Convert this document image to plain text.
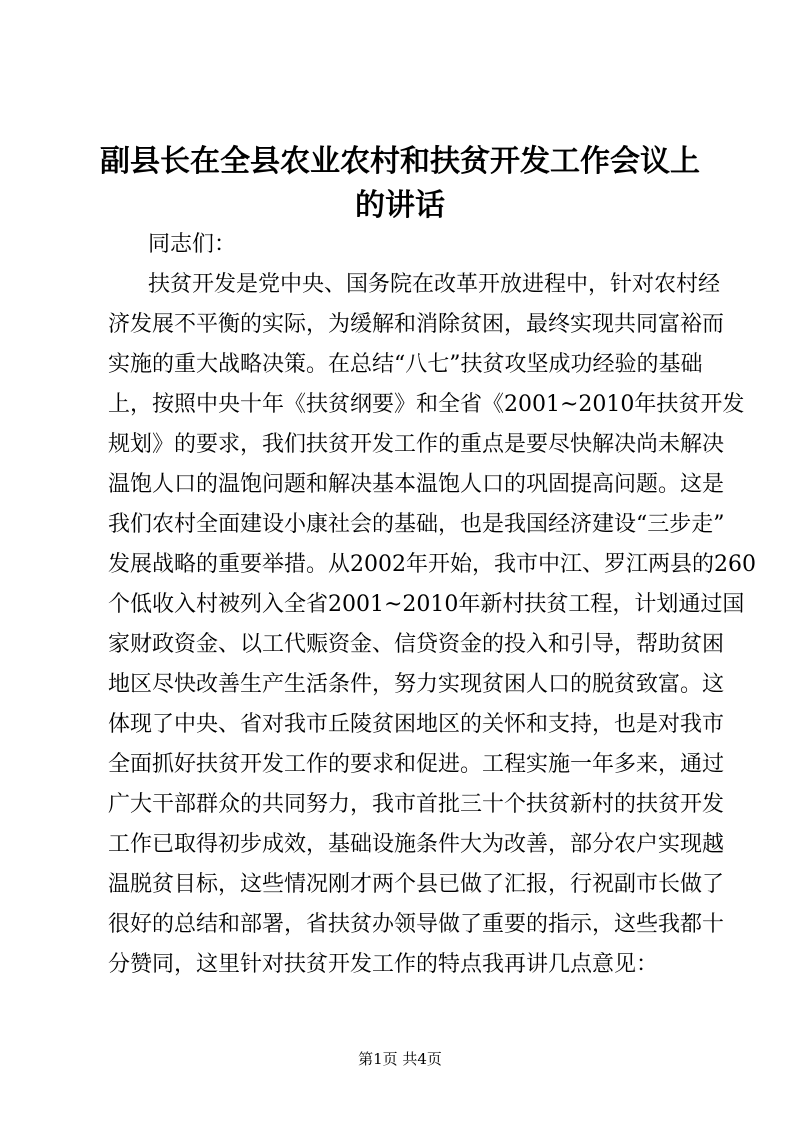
副县长在全县农业农村和扶贫开发工作会议上
的讲话
同志们：
扶贫开发是党中央、国务院在改革开放进程中，针对农村经
济发展不平衡的实际，为缓解和消除贫困，最终实现共同富裕而
实施的重大战略决策。在总结“八七”扶贫攻坚成功经验的基础
上，按照中央十年《扶贫纲要》和全省《2001~2010年扶贫开发
规划》的要求，我们扶贫开发工作的重点是要尽快解决尚未解决
温饱人口的温饱问题和解决基本温饱人口的巩固提高问题。这是
我们农村全面建设小康社会的基础，也是我国经济建设“三步走”
发展战略的重要举措。从2002年开始，我市中江、罗江两县的260
个低收入村被列入全省2001~2010年新村扶贫工程，计划通过国
家财政资金、以工代赈资金、信贷资金的投入和引导，帮助贫困
地区尽快改善生产生活条件，努力实现贫困人口的脱贫致富。这
体现了中央、省对我市丘陵贫困地区的关怀和支持，也是对我市
全面抓好扶贫开发工作的要求和促进。工程实施一年多来，通过
广大干部群众的共同努力，我市首批三十个扶贫新村的扶贫开发
工作已取得初步成效，基础设施条件大为改善，部分农户实现越
温脱贫目标，这些情况刚才两个县已做了汇报，行祝副市长做了
很好的总结和部署，省扶贫办领导做了重要的指示，这些我都十
分赞同，这里针对扶贫开发工作的特点我再讲几点意见：
第1页 共4页
